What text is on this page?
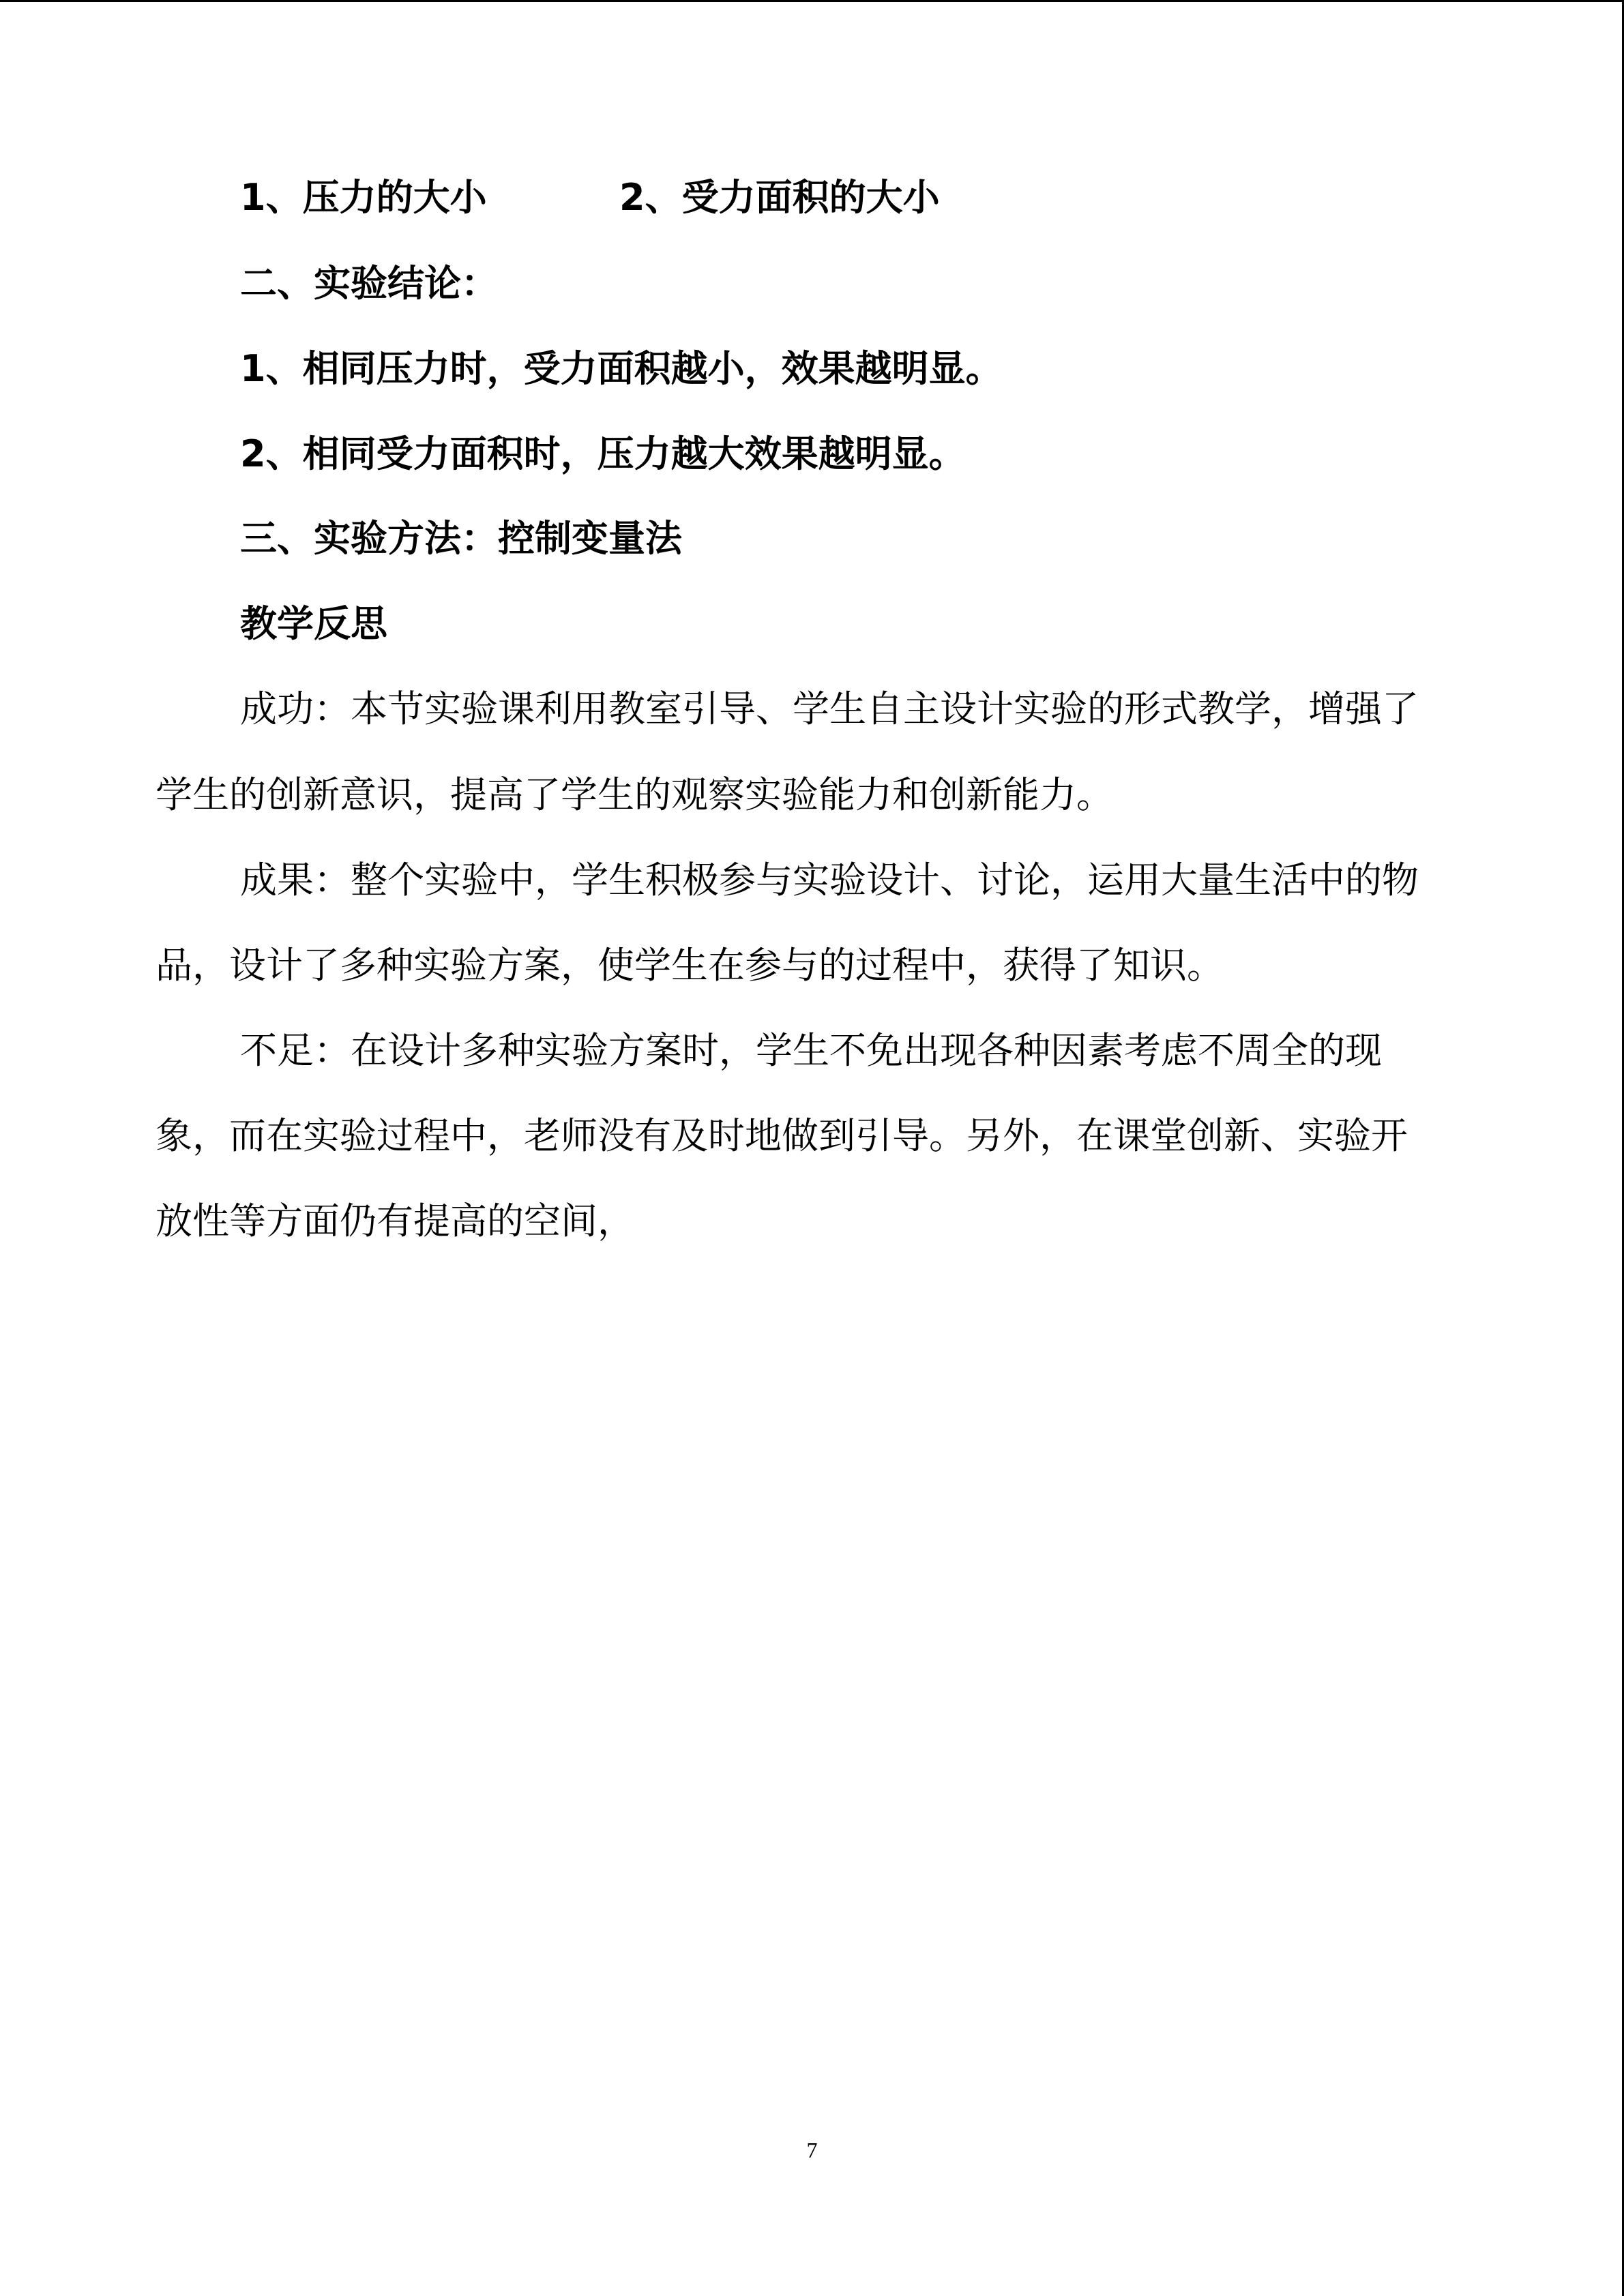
1、压力的大小	2、受力面积的大小

二、实验结论：

1、相同压力时，受力面积越小，效果越明显。

2、相同受力面积时，压力越大效果越明显。

三、实验方法：控制变量法

教学反思

成功：本节实验课利用教室引导、学生自主设计实验的形式教学，增强了

学生的创新意识，提高了学生的观察实验能力和创新能力。

成果：整个实验中，学生积极参与实验设计、讨论，运用大量生活中的物

品，设计了多种实验方案，使学生在参与的过程中，获得了知识。

不足：在设计多种实验方案时，学生不免出现各种因素考虑不周全的现

象，而在实验过程中，老师没有及时地做到引导。另外，在课堂创新、实验开

放性等方面仍有提高的空间，

7
